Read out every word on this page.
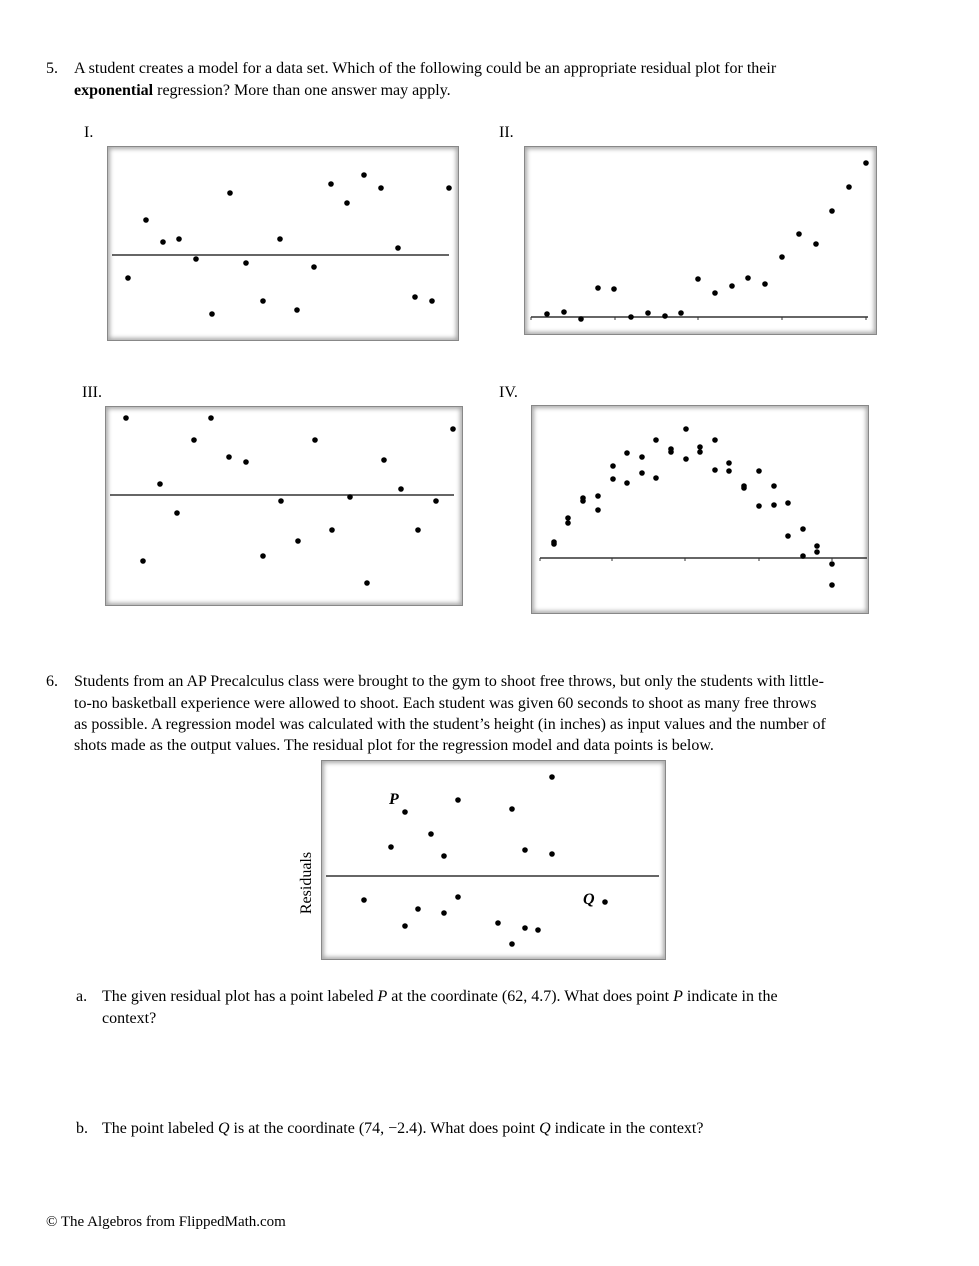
5. A student creates a model for a data set. Which of the following could be an appropriate residual plot for their
exponential regression? More than one answer may apply.
I.	II.
III.	IV.
6. Students from an AP Precalculus class were brought to the gym to shoot free throws, but only the students with little-
to-no basketball experience were allowed to shoot. Each student was given 60 seconds to shoot as many free throws
as possible. A regression model was calculated with the student’s height (in inches) as input values and the number of
shots made as the output values. The residual plot for the regression model and data points is below.
Residuals
P
Q
a. The given residual plot has a point labeled P at the coordinate (62, 4.7). What does point P indicate in the
context?
b. The point labeled Q is at the coordinate (74, −2.4). What does point Q indicate in the context?
© The Algebros from FlippedMath.com
